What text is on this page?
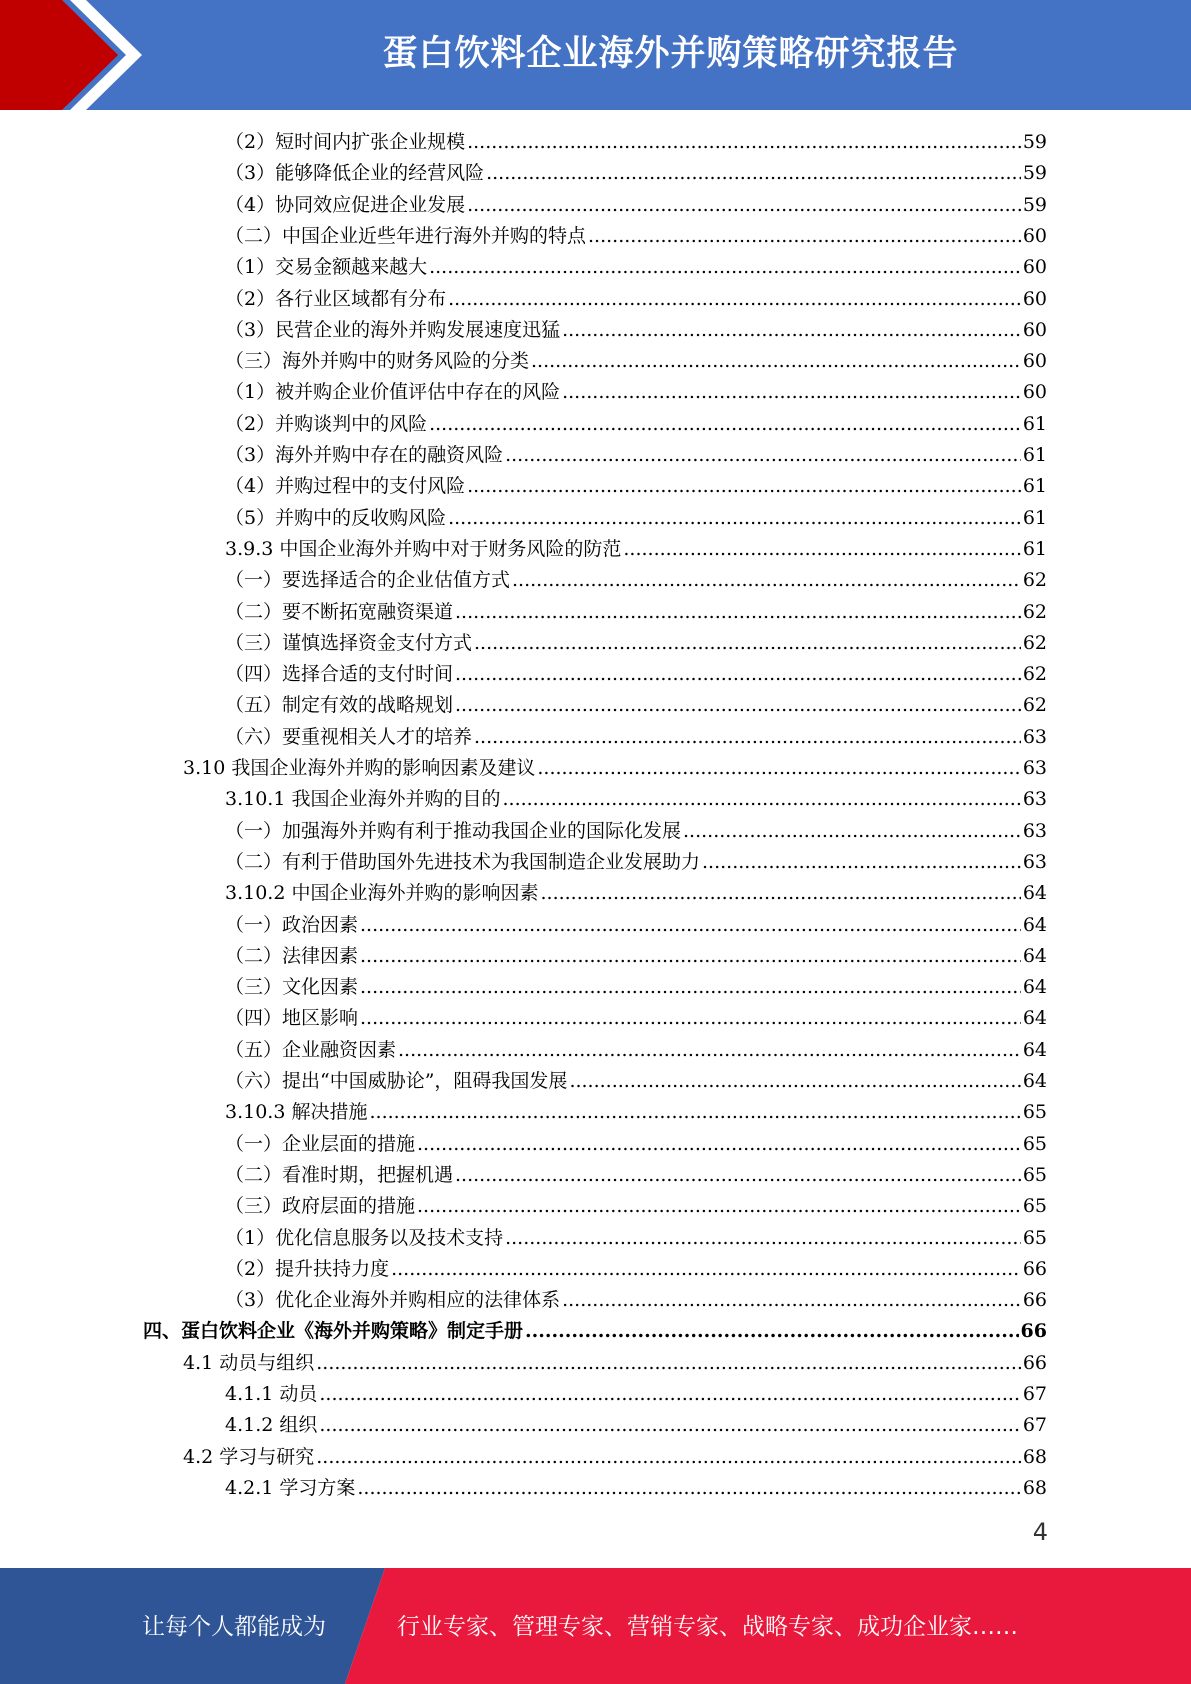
蛋白饮料企业海外并购策略研究报告
（2）短时间内扩张企业规模 .....	59
（3）能够降低企业的经营风险 .....	59
（4）协同效应促进企业发展 .....	59
（二）中国企业近些年进行海外并购的特点 .....	60
（1）交易金额越来越大 .....	60
（2）各行业区域都有分布 .....	60
（3）民营企业的海外并购发展速度迅猛 .....	60
（三）海外并购中的财务风险的分类 .....	60
（1）被并购企业价值评估中存在的风险 .....	60
（2）并购谈判中的风险 .....	61
（3）海外并购中存在的融资风险 .....	61
（4）并购过程中的支付风险 .....	61
（5）并购中的反收购风险 .....	61
3.9.3 中国企业海外并购中对于财务风险的防范 .....	61
（一）要选择适合的企业估值方式 .....	62
（二）要不断拓宽融资渠道 .....	62
（三）谨慎选择资金支付方式 .....	62
（四）选择合适的支付时间 .....	62
（五）制定有效的战略规划 .....	62
（六）要重视相关人才的培养 .....	63
3.10 我国企业海外并购的影响因素及建议 .....	63
3.10.1 我国企业海外并购的目的 .....	63
（一）加强海外并购有利于推动我国企业的国际化发展 .....	63
（二）有利于借助国外先进技术为我国制造企业发展助力 .....	63
3.10.2 中国企业海外并购的影响因素 .....	64
（一）政治因素 .....	64
（二）法律因素 .....	64
（三）文化因素 .....	64
（四）地区影响 .....	64
（五）企业融资因素 .....	64
（六）提出“中国威胁论”，阻碍我国发展 .....	64
3.10.3 解决措施 .....	65
（一）企业层面的措施 .....	65
（二）看准时期，把握机遇 .....	65
（三）政府层面的措施 .....	65
（1）优化信息服务以及技术支持 .....	65
（2）提升扶持力度 .....	66
（3）优化企业海外并购相应的法律体系 .....	66
四、蛋白饮料企业《海外并购策略》制定手册 .....	66
4.1 动员与组织 .....	66
4.1.1 动员 .....	67
4.1.2 组织 .....	67
4.2 学习与研究 .....	68
4.2.1 学习方案 .....	68
4
让每个人都能成为	行业专家、管理专家、营销专家、战略专家、成功企业家……
